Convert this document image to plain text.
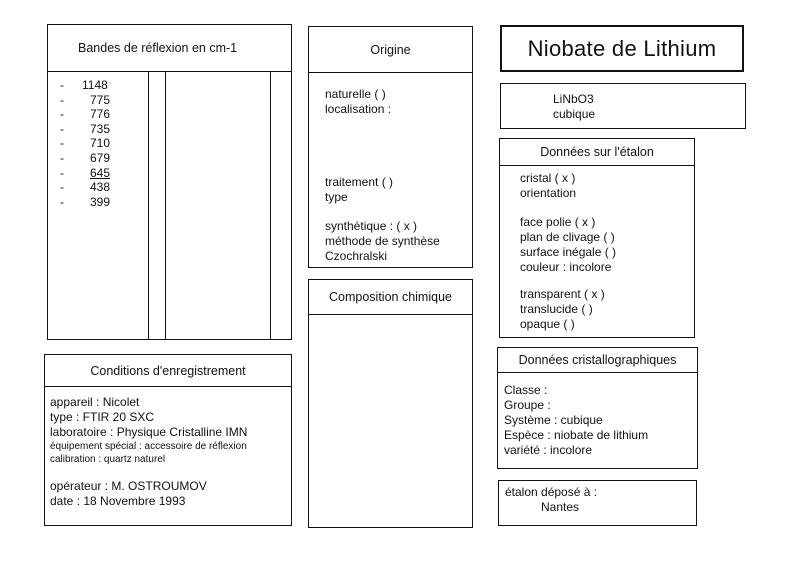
Bandes de réflexion en cm-1
- 1148
- 775
- 776
- 735
- 710
- 679
- 645
- 438
- 399
Origine
naturelle ( )
localisation :
traitement ( )
type
synthétique : ( x )
méthode de synthèse
Czochralski
Composition chimique
Conditions d'enregistrement
appareil : Nicolet
type : FTIR 20 SXC
laboratoire : Physique Cristalline IMN
équipement spécial : accessoire de réflexion
calibration : quartz naturel
opérateur : M. OSTROUMOV
date : 18 Novembre 1993
Niobate de Lithium
LiNbO3
cubique
Données sur l'étalon
cristal ( x )
orientation
face polie ( x )
plan de clivage ( )
surface inégale ( )
couleur : incolore
transparent ( x )
translucide ( )
opaque ( )
Données cristallographiques
Classe :
Groupe :
Système : cubique
Espèce : niobate de lithium
variété : incolore
étalon déposé à :
Nantes
